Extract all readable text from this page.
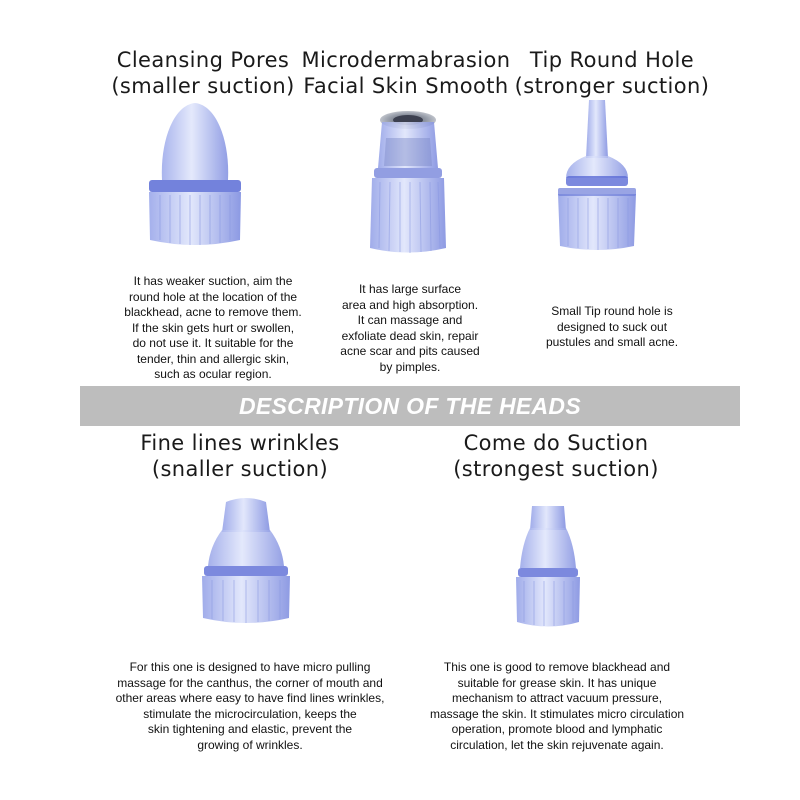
Cleansing Pores
(smaller suction)
It has weaker suction, aim the
round hole at the location of the
blackhead, acne to remove them.
If the skin gets hurt or swollen,
do not use it. It suitable for the
tender, thin and allergic skin,
such as ocular region.
Microdermabrasion
Facial Skin Smooth
It has large surface
area and high absorption.
It can massage and
exfoliate dead skin, repair
acne scar and pits caused
by pimples.
Tip Round Hole
(stronger suction)
Small Tip round hole is
designed to suck out
pustules and small acne.
DESCRIPTION OF THE HEADS
Fine lines wrinkles
(snaller suction)
For this one is designed to have micro pulling
massage for the canthus, the corner of mouth and
other areas where easy to have find lines wrinkles,
stimulate the microcirculation, keeps the
skin tightening and elastic, prevent the
growing of wrinkles.
Come do Suction
(strongest suction)
This one is good to remove blackhead and
suitable for grease skin. It has unique
mechanism to attract vacuum pressure,
massage the skin. It stimulates micro circulation
operation, promote blood and lymphatic
circulation, let the skin rejuvenate again.
